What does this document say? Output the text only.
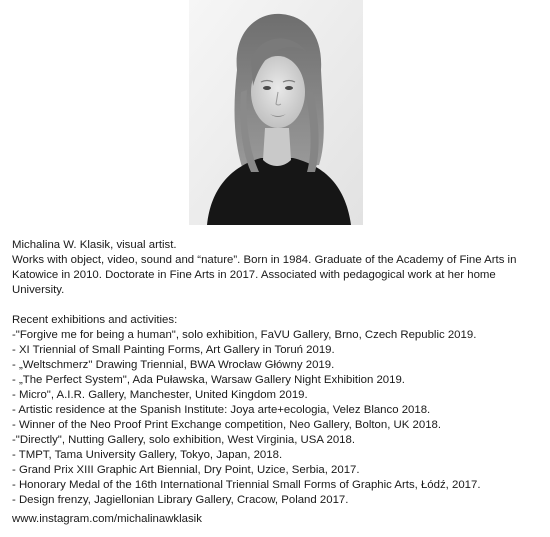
Michalina W. Klasik, visual artist.

Works with object, video, sound and “nature”. Born in 1984. Graduate of the Academy of Fine Arts in Katowice in 2010. Doctorate in Fine Arts in 2017. Associated with pedagogical work at her home University.

Recent exhibitions and activities:

-"Forgive me for being a human", solo exhibition, FaVU Gallery, Brno, Czech Republic 2019.
- XI Triennial of Small Painting Forms, Art Gallery in Toruń 2019.
- „Weltschmerz" Drawing Triennial, BWA Wrocław Główny 2019.
- „The Perfect System", Ada Puławska, Warsaw Gallery Night Exhibition 2019.
- Micro", A.I.R. Gallery, Manchester, United Kingdom 2019.
- Artistic residence at the Spanish Institute: Joya arte+ecologia, Velez Blanco 2018.
- Winner of the Neo Proof Print Exchange competition, Neo Gallery, Bolton, UK 2018.
-"Directly", Nutting Gallery, solo exhibition, West Virginia, USA 2018.
- TMPT, Tama University Gallery, Tokyo, Japan, 2018.
- Grand Prix XIII Graphic Art Biennial, Dry Point, Uzice, Serbia, 2017.
- Honorary Medal of the 16th International Triennial Small Forms of Graphic Arts, Łódź, 2017.
- Design frenzy, Jagiellonian Library Gallery, Cracow, Poland 2017.
www.instagram.com/michalinawklasik
